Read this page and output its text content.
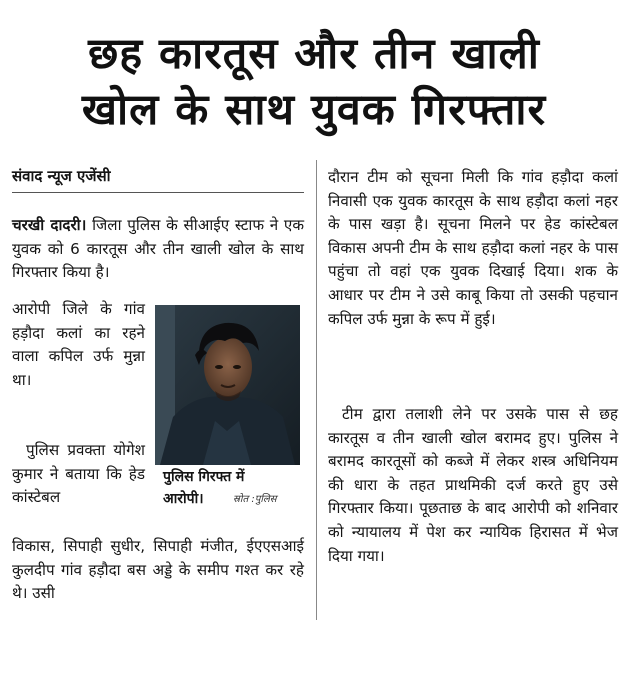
छह कारतूस और तीन खाली
खोल के साथ युवक गिरफ्तार
संवाद न्यूज एजेंसी

चरखी दादरी। जिला पुलिस के सीआईए स्टाफ ने एक युवक को 6 कारतूस और तीन खाली खोल के साथ गिरफ्तार किया है।

आरोपी जिले के गांव हड़ौदा कलां का रहने वाला कपिल उर्फ मुन्ना था।

पुलिस प्रवक्ता योगेश कुमार ने बताया कि हेड कांस्टेबल

विकास, सिपाही सुधीर, सिपाही मंजीत, ईएएसआई कुलदीप गांव हड़ौदा बस अड्डे के समीप गश्त कर रहे थे। उसी

दौरान टीम को सूचना मिली कि गांव हड़ौदा कलां निवासी एक युवक कारतूस के साथ हड़ौदा कलां नहर के पास खड़ा है। सूचना मिलने पर हेड कांस्टेबल विकास अपनी टीम के साथ हड़ौदा कलां नहर के पास पहुंचा तो वहां एक युवक दिखाई दिया। शक के आधार पर टीम ने उसे काबू किया तो उसकी पहचान कपिल उर्फ मुन्ना के रूप में हुई।

टीम द्वारा तलाशी लेने पर उसके पास से छह कारतूस व तीन खाली खोल बरामद हुए। पुलिस ने बरामद कारतूसों को कब्जे में लेकर शस्त्र अधिनियम की धारा के तहत प्राथमिकी दर्ज करते हुए उसे गिरफ्तार किया। पूछताछ के बाद आरोपी को शनिवार को न्यायालय में पेश कर न्यायिक हिरासत में भेज दिया गया।

पुलिस गिरफ्त में
आरोपी।	स्रोत :पुलिस
